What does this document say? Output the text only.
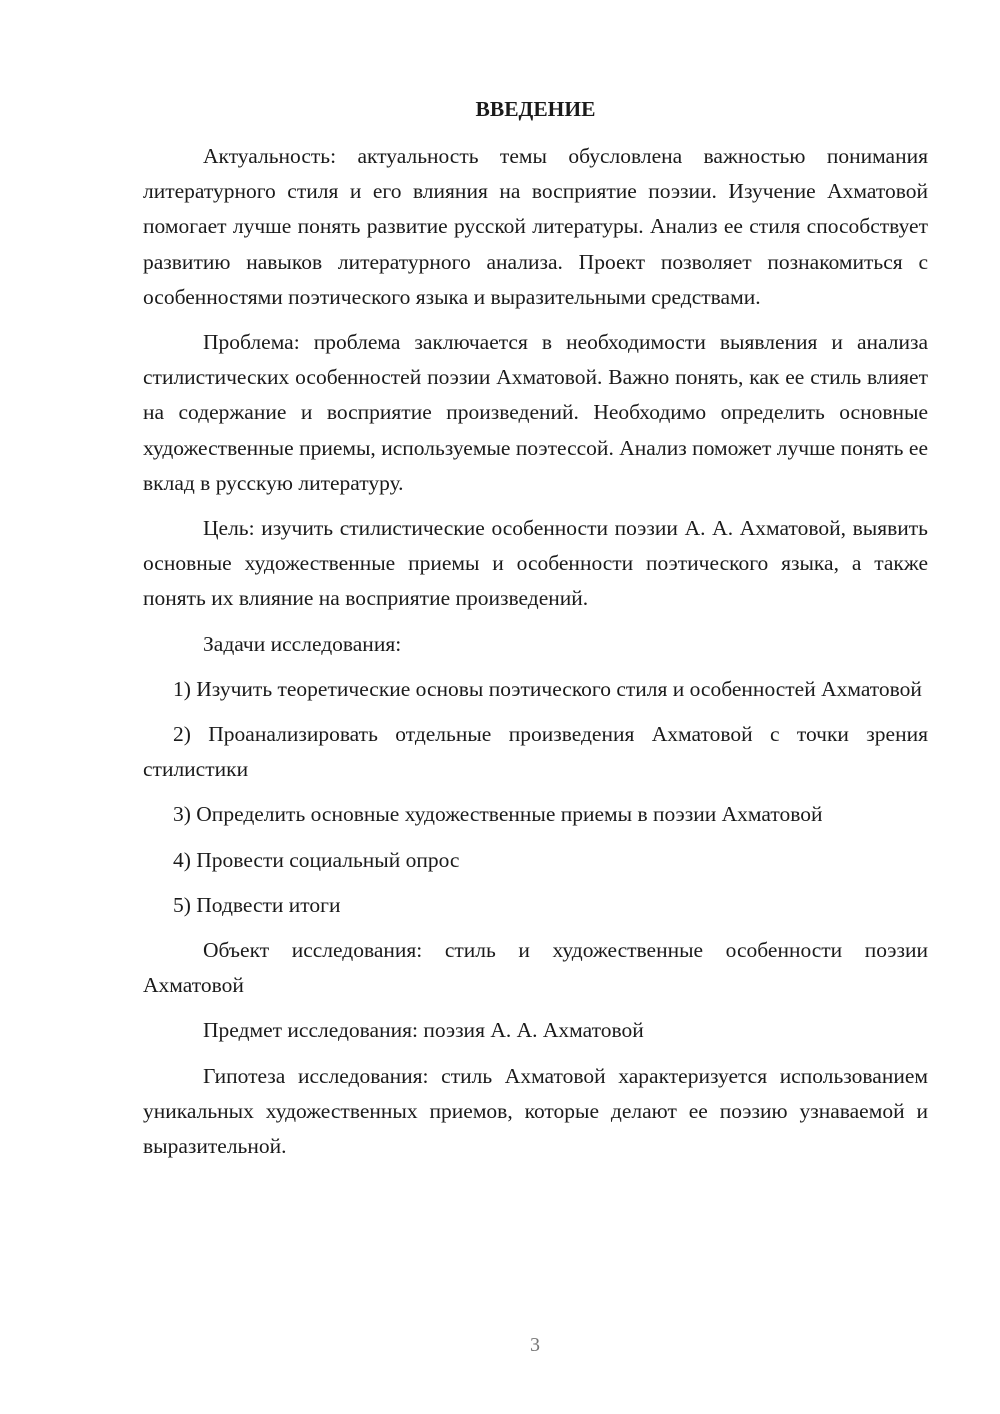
ВВЕДЕНИЕ

Актуальность: актуальность темы обусловлена важностью понимания литературного стиля и его влияния на восприятие поэзии. Изучение Ахматовой помогает лучше понять развитие русской литературы. Анализ ее стиля способствует развитию навыков литературного анализа. Проект позволяет познакомиться с особенностями поэтического языка и выразительными средствами.

Проблема: проблема заключается в необходимости выявления и анализа стилистических особенностей поэзии Ахматовой. Важно понять, как ее стиль влияет на содержание и восприятие произведений. Необходимо определить основные художественные приемы, используемые поэтессой. Анализ поможет лучше понять ее вклад в русскую литературу.

Цель: изучить стилистические особенности поэзии А. А. Ахматовой, выявить основные художественные приемы и особенности поэтического языка, а также понять их влияние на восприятие произведений.

Задачи исследования:

1) Изучить теоретические основы поэтического стиля и особенностей Ахматовой

2) Проанализировать отдельные произведения Ахматовой с точки зрения стилистики

3) Определить основные художественные приемы в поэзии Ахматовой

4) Провести социальный опрос

5) Подвести итоги

Объект исследования: стиль и художественные особенности поэзии Ахматовой

Предмет исследования: поэзия А. А. Ахматовой

Гипотеза исследования: стиль Ахматовой характеризуется использованием уникальных художественных приемов, которые делают ее поэзию узнаваемой и выразительной.

3
